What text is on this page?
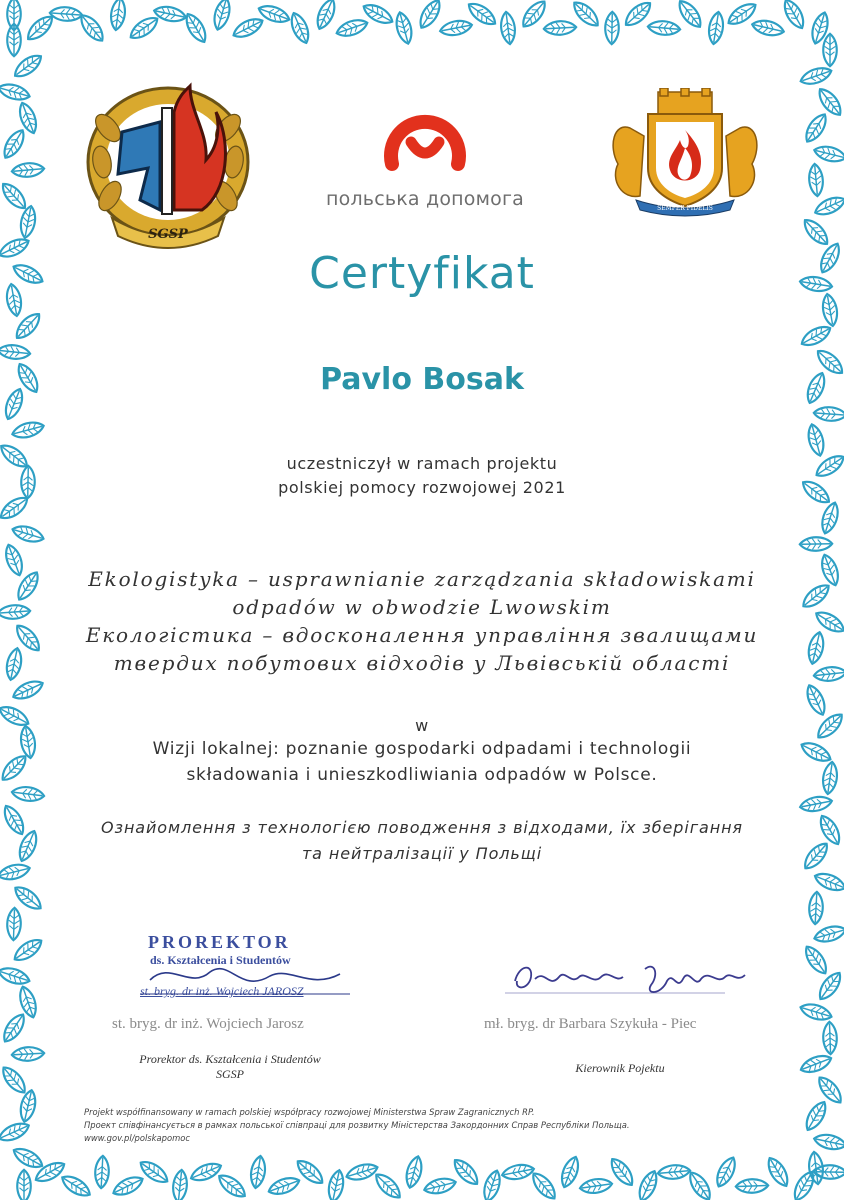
SGSP
польська допомога	SEMPER FIDELIS
Certyfikat
Pavlo Bosak
uczestniczył w ramach projektu
polskiej pomocy rozwojowej 2021
Ekologistyka – usprawnianie zarządzania składowiskami
odpadów w obwodzie Lwowskim
Екологістика – вдосконалення управління звалищами
твердих побутових відходів у Львівській області
w
Wizji lokalnej: poznanie gospodarki odpadami i technologii
składowania i unieszkodliwiania odpadów w Polsce.
Ознайомлення з технологією поводження з відходами, їх зберігання
та нейтралізації у Польщі
PROREKTOR
ds. Kształcenia i Studentów
st. bryg. dr inż. Wojciech JAROSZ
st. bryg. dr inż. Wojciech Jarosz
Prorektor ds. Kształcenia i Studentów
SGSP
mł. bryg. dr Barbara Szykuła - Piec
Kierownik Pojektu
Projekt współfinansowany w ramach polskiej współpracy rozwojowej Ministerstwa Spraw Zagranicznych RP.
Проект співфінансується в рамках польської співпраці для розвитку Міністерства Закордонних Справ Республіки Польща.
www.gov.pl/polskapomoc
